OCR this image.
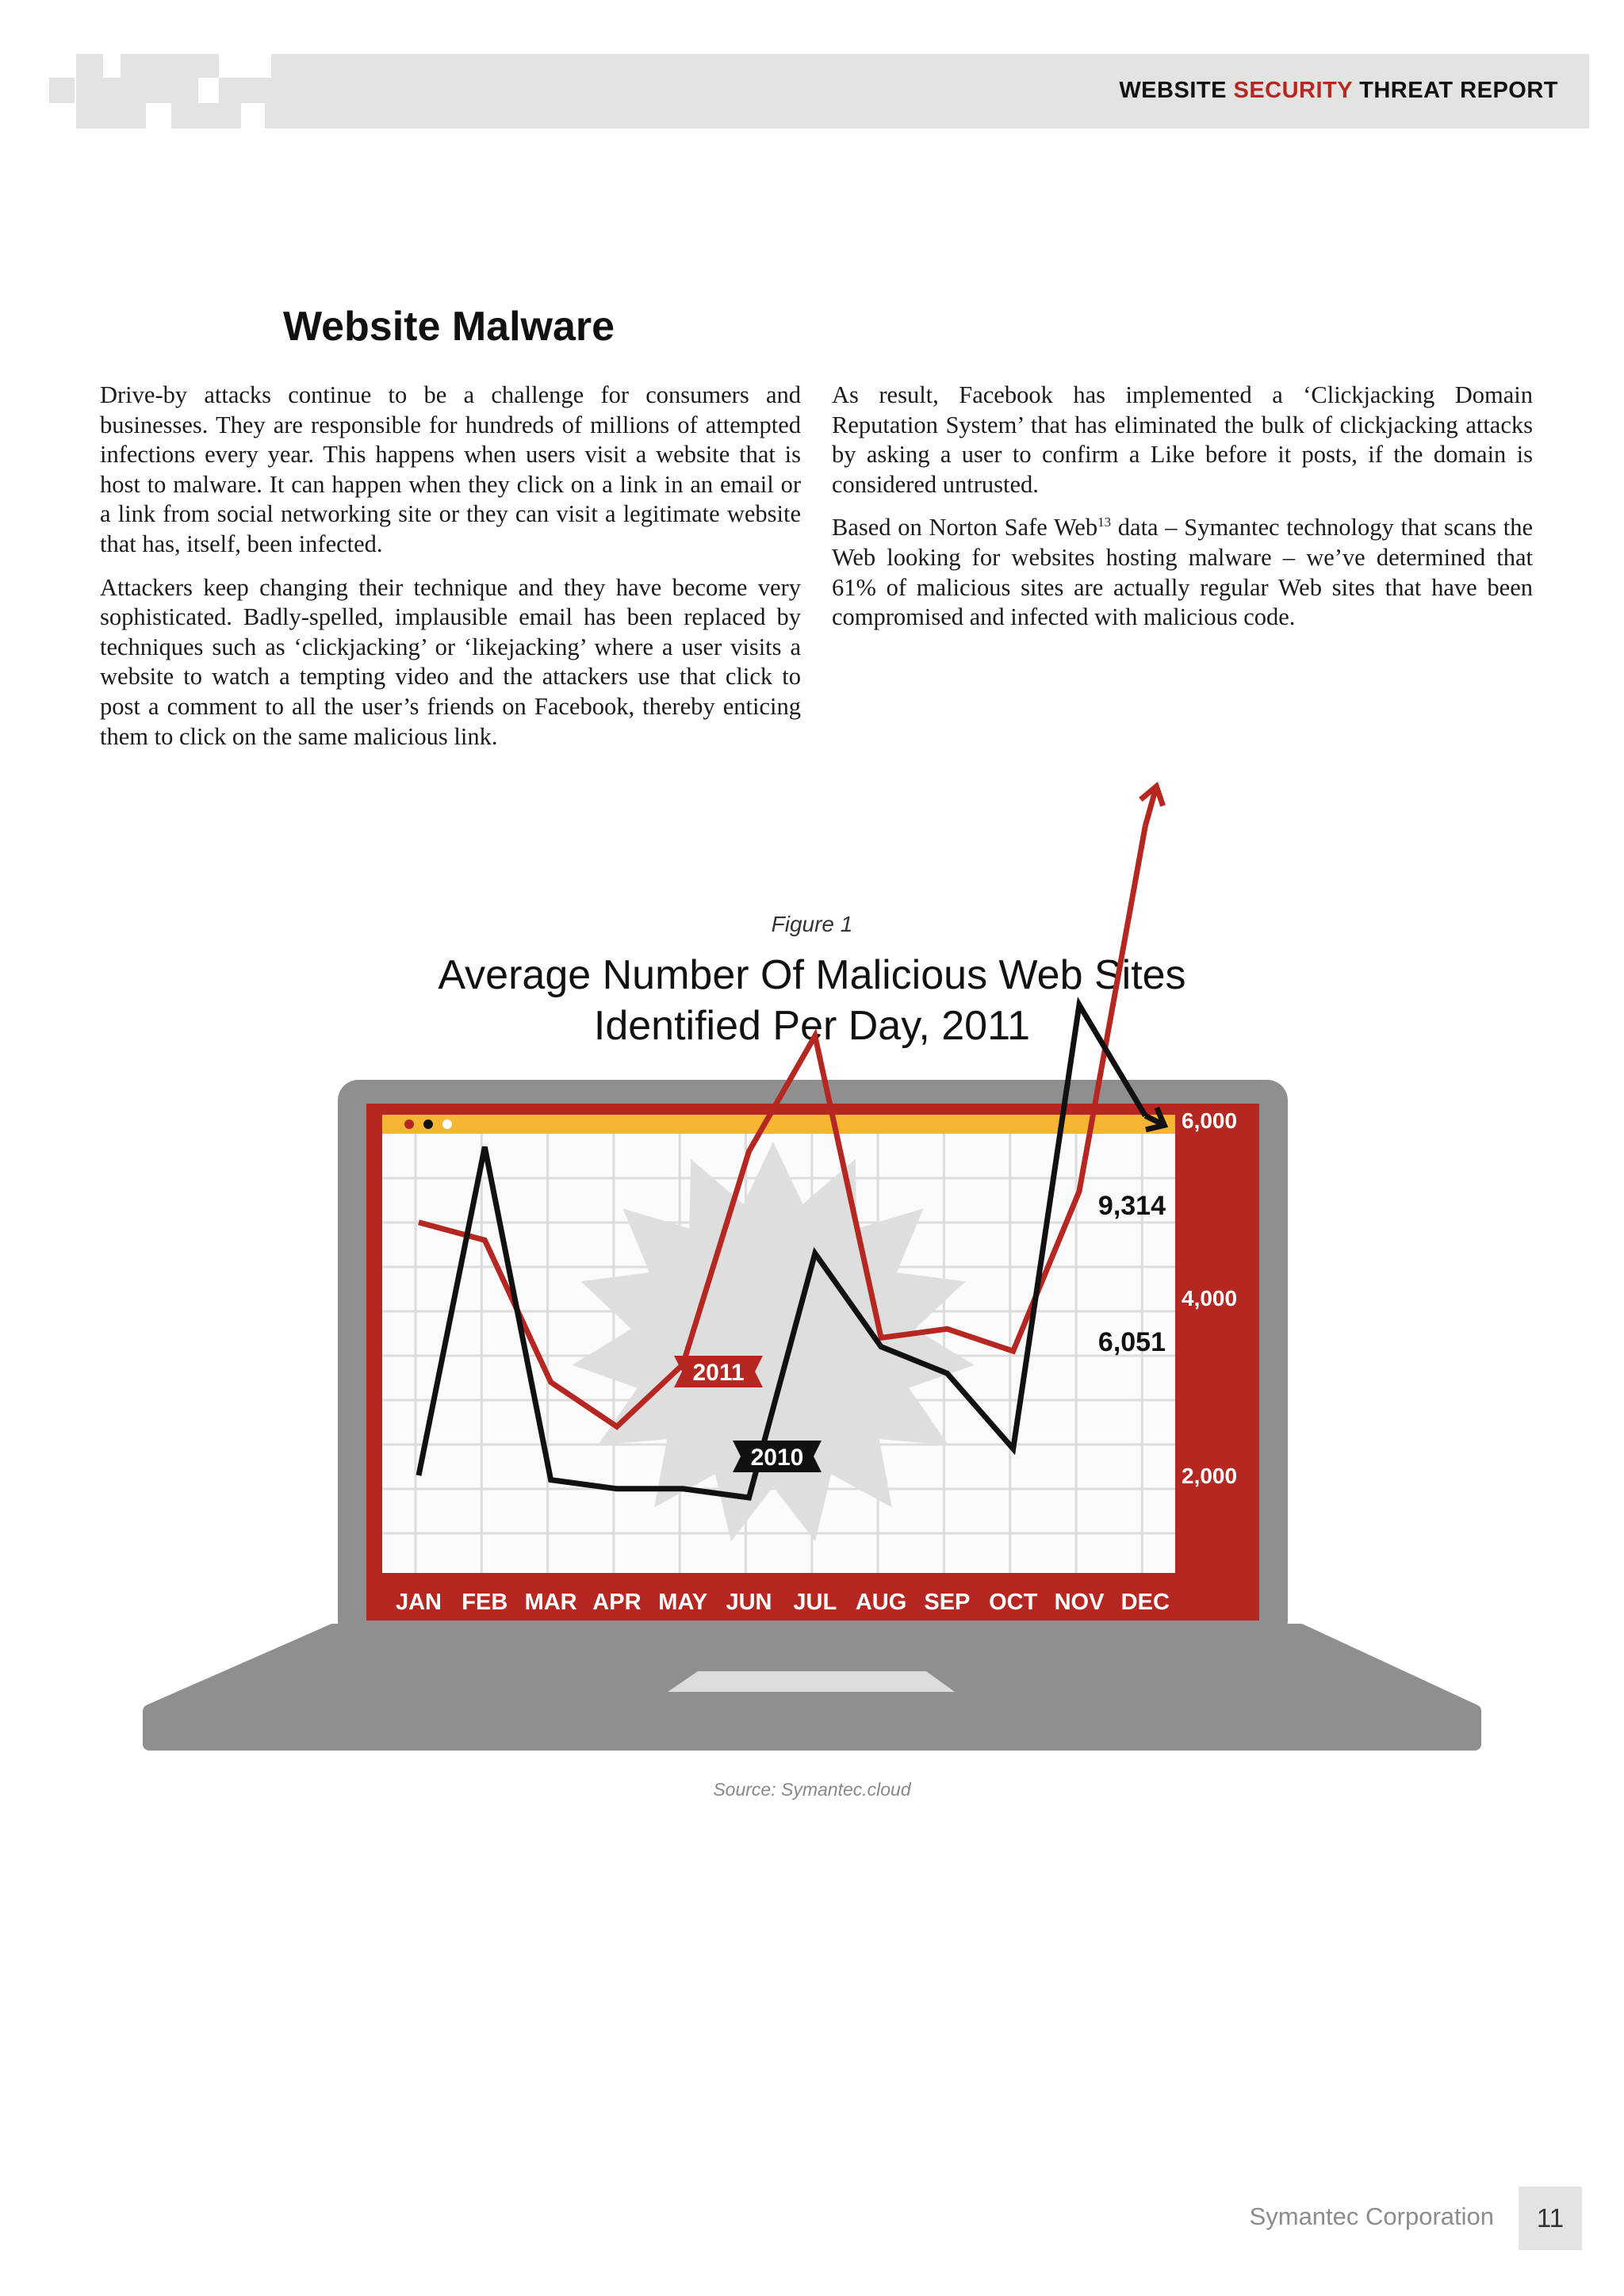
WEBSITE SECURITY THREAT REPORT
Website Malware

Drive-by attacks continue to be a challenge for consumers and businesses. They are responsible for hundreds of millions of attempted infections every year. This happens when users visit a website that is host to malware. It can happen when they click on a link in an email or a link from social networking site or they can visit a legitimate website that has, itself, been infected.

Attackers keep changing their technique and they have become very sophisticated. Badly-spelled, implausible email has been replaced by techniques such as ‘clickjacking’ or ‘likejacking’ where a user visits a website to watch a tempting video and the attackers use that click to post a comment to all the user’s friends on Facebook, thereby enticing them to click on the same malicious link.

As result, Facebook has implemented a ‘Clickjacking Domain Reputation System’ that has eliminated the bulk of clickjacking attacks by asking a user to confirm a Like before it posts, if the domain is considered untrusted.

Based on Norton Safe Web$^{13}$ data – Symantec technology that scans the Web looking for websites hosting malware – we’ve determined that 61% of malicious sites are actually regular Web sites that have been compromised and infected with malicious code.

Figure 1
Average Number Of Malicious Web Sites
Identified Per Day, 2011
2011
2010
9,314
6,051
2,000
4,000
6,000
8,000
10,000
JAN FEB MAR APR MAY JUN JUL AUG SEP OCT NOV DEC
Source: Symantec.cloud
Symantec Corporation	11
